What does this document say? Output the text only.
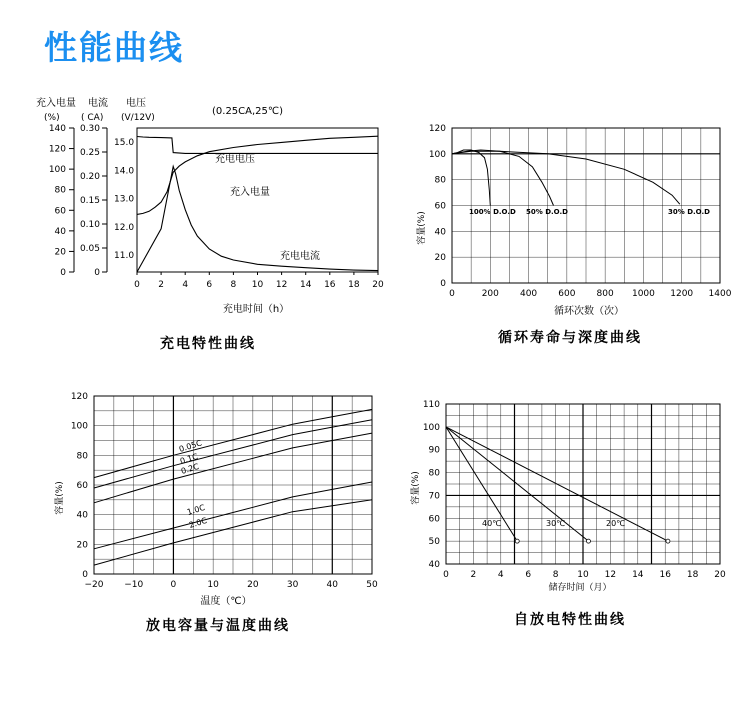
性能曲线
充入电量 电流 电压
(%) ( CA) (V/12V)
(0.25CA,25℃)
充电时间（h）
充电特性曲线
循环次数（次）
容量(%)
循环寿命与深度曲线
温度（℃）
容量(%)
放电容量与温度曲线
储存时间（月）
容量(%)
自放电特性曲线
0 2 4 6 8 10 12 14 16 18 20
0
20
40
60
80
100
120
140
0
0.05
0.10
0.15
0.20
0.25
0.30
11.0
12.0
13.0
14.0
15.0
充电电压
充入电量
充电电流
0	200 400 600 800 1000 1200 1400
0
20
40
60
80
100
120
100% D.O.D 50% D.O.D	30% D.O.D
−20 −10	0	10	20	30	40	50
0
20
40
60
80
100
120
0.05C
0.1C
0.2C
1.0C
2.0C
0 2 4 6 8 10 12 14 16 18 20
40
50
60
70
80
90
100
110
40℃	30℃	20℃
